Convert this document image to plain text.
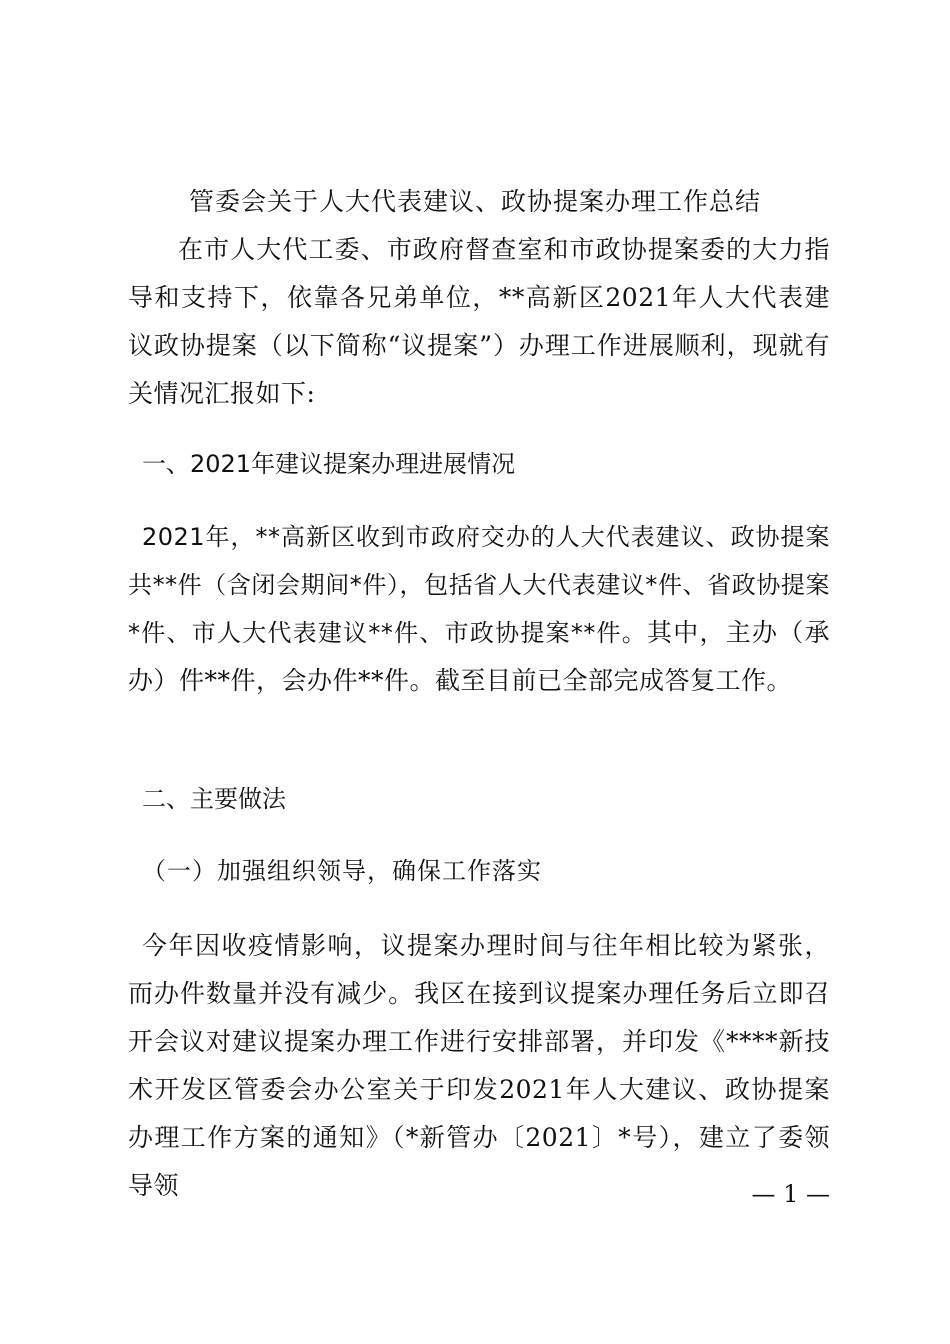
管委会关于人大代表建议、政协提案办理工作总结
在市人大代工委、市政府督查室和市政协提案委的大力指导和支持下，依靠各兄弟单位，**高新区2021年人大代表建议政协提案（以下简称“议提案”）办理工作进展顺利，现就有关情况汇报如下:
一、2021年建议提案办理进展情况
2021年，**高新区收到市政府交办的人大代表建议、政协提案共**件（含闭会期间*件），包括省人大代表建议*件、省政协提案*件、市人大代表建议**件、市政协提案**件。其中，主办（承办）件**件，会办件**件。截至目前已全部完成答复工作。
二、主要做法
（一）加强组织领导，确保工作落实
今年因收疫情影响，议提案办理时间与往年相比较为紧张，而办件数量并没有减少。我区在接到议提案办理任务后立即召开会议对建议提案办理工作进行安排部署，并印发《****新技术开发区管委会办公室关于印发2021年人大建议、政协提案办理工作方案的通知》（*新管办〔2021〕*号），建立了委领导领	— 1 —
